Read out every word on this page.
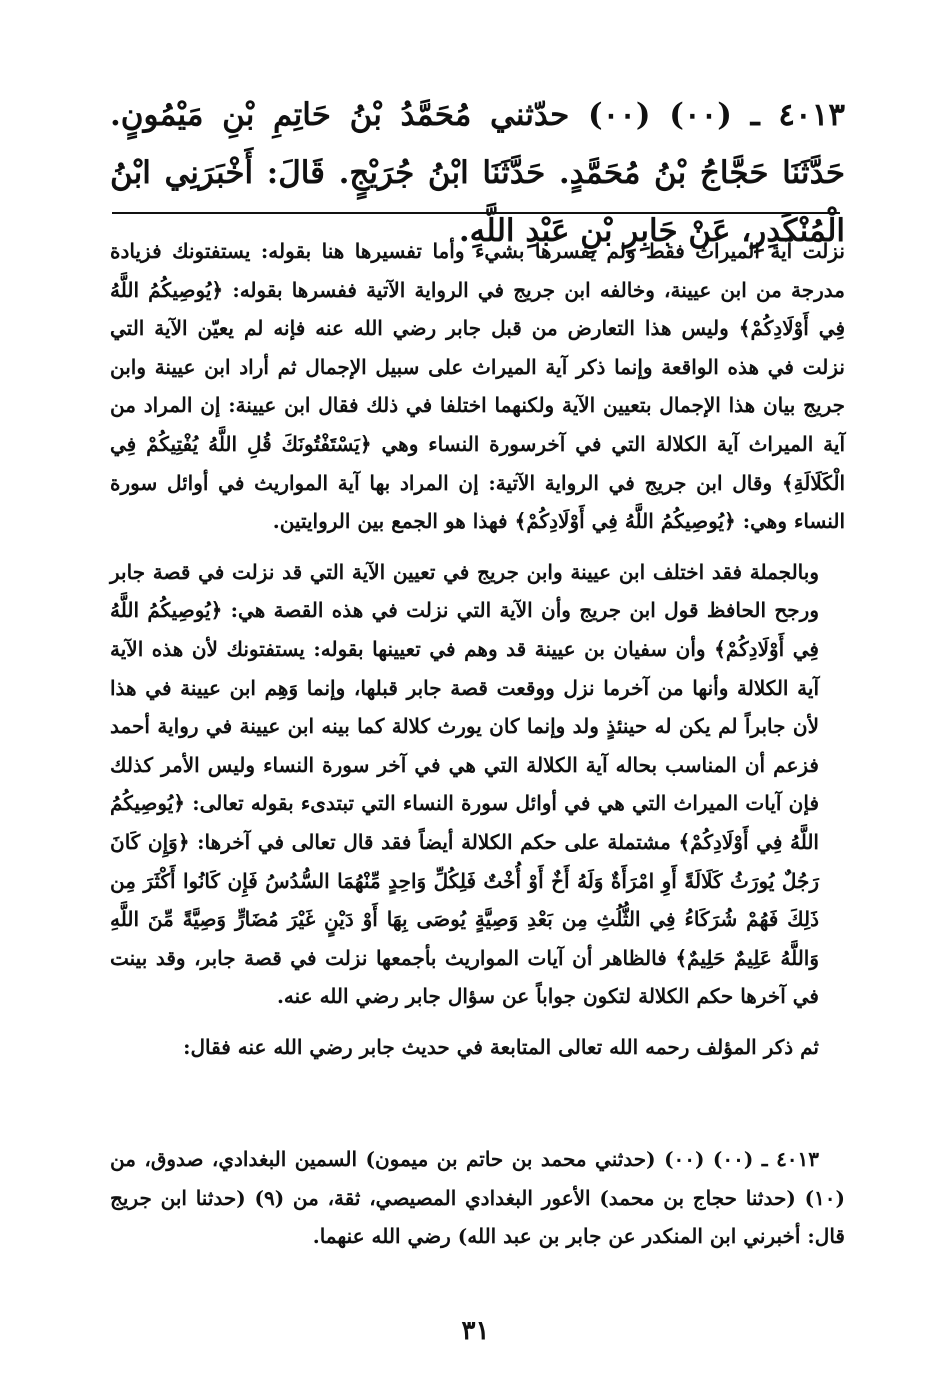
٤٠١٣ ـ (٠٠) (٠٠) حدّثني مُحَمَّدُ بْنُ حَاتِمِ بْنِ مَيْمُونٍ. حَدَّثَنَا حَجَّاجُ بْنُ مُحَمَّدٍ. حَدَّثَنَا ابْنُ جُرَيْجٍ. قَالَ: أَخْبَرَنِي ابْنُ الْمُنْكَدِرِ، عَنْ جَابِرِ بْنِ عَبْدِ اللَّهِ.

نزلت آية الميراث فقط ولم يفسرها بشيء وأما تفسيرها هنا بقوله: يستفتونك فزيادة مدرجة من ابن عيينة، وخالفه ابن جريج في الرواية الآتية ففسرها بقوله: ﴿يُوصِيكُمُ اللَّهُ فِي أَوْلَادِكُمْ﴾ وليس هذا التعارض من قبل جابر رضي الله عنه فإنه لم يعيّن الآية التي نزلت في هذه الواقعة وإنما ذكر آية الميراث على سبيل الإجمال ثم أراد ابن عيينة وابن جريج بيان هذا الإجمال بتعيين الآية ولكنهما اختلفا في ذلك فقال ابن عيينة: إن المراد من آية الميراث آية الكلالة التي في آخرسورة النساء وهي ﴿يَسْتَفْتُونَكَ قُلِ اللَّهُ يُفْتِيكُمْ فِي الْكَلَالَةِ﴾ وقال ابن جريج في الرواية الآتية: إن المراد بها آية المواريث في أوائل سورة النساء وهي: ﴿يُوصِيكُمُ اللَّهُ فِي أَوْلَادِكُمْ﴾ فهذا هو الجمع بين الروايتين.

وبالجملة فقد اختلف ابن عيينة وابن جريج في تعيين الآية التي قد نزلت في قصة جابر ورجح الحافظ قول ابن جريج وأن الآية التي نزلت في هذه القصة هي: ﴿يُوصِيكُمُ اللَّهُ فِي أَوْلَادِكُمْ﴾ وأن سفيان بن عيينة قد وهم في تعيينها بقوله: يستفتونك لأن هذه الآية آية الكلالة وأنها من آخرما نزل ووقعت قصة جابر قبلها، وإنما وَهِم ابن عيينة في هذا لأن جابراً لم يكن له حينئذٍ ولد وإنما كان يورث كلالة كما بينه ابن عيينة في رواية أحمد فزعم أن المناسب بحاله آية الكلالة التي هي في آخر سورة النساء وليس الأمر كذلك فإن آيات الميراث التي هي في أوائل سورة النساء التي تبتدىء بقوله تعالى: ﴿يُوصِيكُمُ اللَّهُ فِي أَوْلَادِكُمْ﴾ مشتملة على حكم الكلالة أيضاً فقد قال تعالى في آخرها: ﴿وَإِن كَانَ رَجُلٌ يُورَثُ كَلَالَةً أَوِ امْرَأَةٌ وَلَهُ أَخٌ أَوْ أُخْتٌ فَلِكُلِّ وَاحِدٍ مِّنْهُمَا السُّدُسُ فَإِن كَانُوا أَكْثَرَ مِن ذَلِكَ فَهُمْ شُرَكَاءُ فِي الثُّلُثِ مِن بَعْدِ وَصِيَّةٍ يُوصَى بِهَا أَوْ دَيْنٍ غَيْرَ مُضَارٍّ وَصِيَّةً مِّنَ اللَّهِ وَاللَّهُ عَلِيمٌ حَلِيمٌ﴾ فالظاهر أن آيات المواريث بأجمعها نزلت في قصة جابر، وقد بينت في آخرها حكم الكلالة لتكون جواباً عن سؤال جابر رضي الله عنه.

ثم ذكر المؤلف رحمه الله تعالى المتابعة في حديث جابر رضي الله عنه فقال:

٤٠١٣ ـ (٠٠) (٠٠) (حدثني محمد بن حاتم بن ميمون) السمين البغدادي، صدوق، من (١٠) (حدثنا حجاج بن محمد) الأعور البغدادي المصيصي، ثقة، من (٩) (حدثنا ابن جريج قال: أخبرني ابن المنكدر عن جابر بن عبد الله) رضي الله عنهما.
٣١
